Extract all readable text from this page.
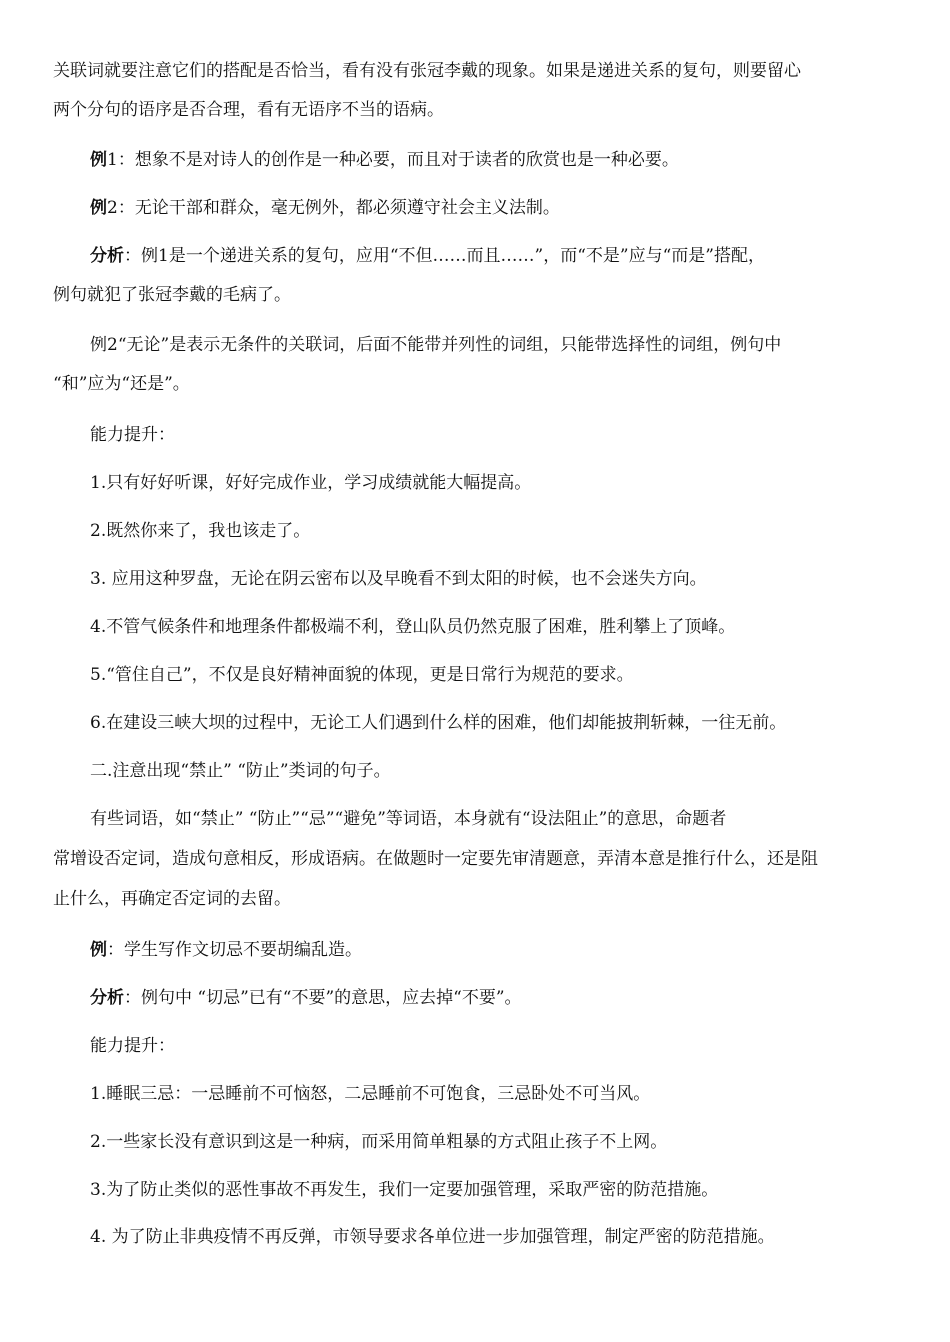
关联词就要注意它们的搭配是否恰当，看有没有张冠李戴的现象。如果是递进关系的复句，则要留心
两个分句的语序是否合理，看有无语序不当的语病。
例1：想象不是对诗人的创作是一种必要，而且对于读者的欣赏也是一种必要。
例2：无论干部和群众，毫无例外，都必须遵守社会主义法制。
分析：例1是一个递进关系的复句，应用“不但……而且……”，而“不是”应与“而是”搭配，
例句就犯了张冠李戴的毛病了。
例2“无论”是表示无条件的关联词，后面不能带并列性的词组，只能带选择性的词组，例句中
“和”应为“还是”。
能力提升：
1.只有好好听课，好好完成作业，学习成绩就能大幅提高。
2.既然你来了，我也该走了。
3. 应用这种罗盘，无论在阴云密布以及早晚看不到太阳的时候，也不会迷失方向。
4.不管气候条件和地理条件都极端不利，登山队员仍然克服了困难，胜利攀上了顶峰。
5.“管住自己”，不仅是良好精神面貌的体现，更是日常行为规范的要求。
6.在建设三峡大坝的过程中，无论工人们遇到什么样的困难，他们却能披荆斩棘，一往无前。
二.注意出现“禁止” “防止”类词的句子。
有些词语，如“禁止” “防止”“忌”“避免”等词语，本身就有“设法阻止”的意思，命题者
常增设否定词，造成句意相反，形成语病。在做题时一定要先审清题意，弄清本意是推行什么，还是阻
止什么，再确定否定词的去留。
例：学生写作文切忌不要胡编乱造。
分析：例句中 “切忌”已有“不要”的意思，应去掉“不要”。
能力提升：
1.睡眠三忌：一忌睡前不可恼怒，二忌睡前不可饱食，三忌卧处不可当风。
2.一些家长没有意识到这是一种病，而采用简单粗暴的方式阻止孩子不上网。
3.为了防止类似的恶性事故不再发生，我们一定要加强管理，采取严密的防范措施。
4. 为了防止非典疫情不再反弹，市领导要求各单位进一步加强管理，制定严密的防范措施。
